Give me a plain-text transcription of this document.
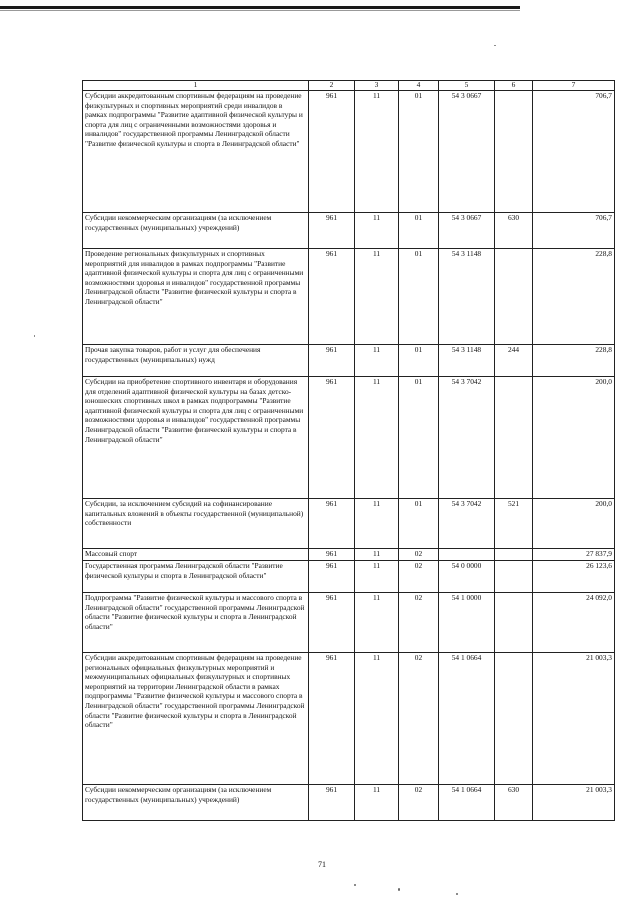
1	2	3	4	5	6	7
Субсидии аккредитованным спортивным федерациям на проведение физкультурных и спортивных мероприятий среди инвалидов в рамках подпрограммы "Развитие адаптивной физической культуры и спорта для лиц с ограниченными возможностями здоровья и инвалидов" государственной программы Ленинградской области "Развитие физической культуры и спорта в Ленинградской области"	961	11	01	54 3 0667		706,7
Субсидии некоммерческим организациям (за исключением государственных (муниципальных) учреждений)	961	11	01	54 3 0667	630	706,7
Проведение региональных физкультурных и спортивных мероприятий для инвалидов в рамках подпрограммы "Развитие адаптивной физической культуры и спорта для лиц с ограниченными возможностями здоровья и инвалидов" государственной программы Ленинградской области "Развитие физической культуры и спорта в Ленинградской области"	961	11	01	54 3 1148		228,8
Прочая закупка товаров, работ и услуг для обеспечения государственных (муниципальных) нужд	961	11	01	54 3 1148	244	228,8
Субсидии на приобретение спортивного инвентаря и оборудования для отделений адаптивной физической культуры на базах детско-юношеских спортивных школ в рамках подпрограммы "Развитие адаптивной физической культуры и спорта для лиц с ограниченными возможностями здоровья и инвалидов" государственной программы Ленинградской области "Развитие физической культуры и спорта в Ленинградской области"	961	11	01	54 3 7042		200,0
Субсидии, за исключением субсидий на софинансирование капитальных вложений в объекты государственной (муниципальной) собственности	961	11	01	54 3 7042	521	200,0
Массовый спорт	961	11	02			27 837,9
Государственная программа Ленинградской области "Развитие физической культуры и спорта в Ленинградской области"	961	11	02	54 0 0000		26 123,6
Подпрограмма "Развитие физической культуры и массового спорта в Ленинградской области" государственной программы Ленинградской области "Развитие физической культуры и спорта в Ленинградской области"	961	11	02	54 1 0000		24 092,0
Субсидии аккредитованным спортивным федерациям на проведение региональных официальных физкультурных мероприятий и межмуниципальных официальных физкультурных и спортивных мероприятий на территории Ленинградской области в рамках подпрограммы "Развитие физической культуры и массового спорта в Ленинградской области" государственной программы Ленинградской области "Развитие физической культуры и спорта в Ленинградской области"	961	11	02	54 1 0664		21 003,3
Субсидии некоммерческим организациям (за исключением государственных (муниципальных) учреждений)	961	11	02	54 1 0664	630	21 003,3
71
